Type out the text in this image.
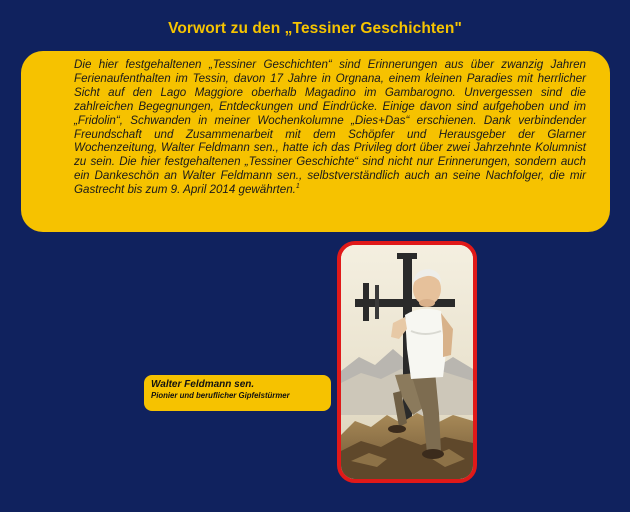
Vorwort zu den „Tessiner Geschichten"

Die hier festgehaltenen „Tessiner Geschichten“ sind Erinnerungen aus über zwanzig Jahren Ferienaufenthalten im Tessin, davon 17 Jahre in Orgnana, einem kleinen Paradies mit herrlicher Sicht auf den Lago Maggiore oberhalb Magadino im Gambarogno. Unvergessen sind die zahlreichen Begegnungen, Entdeckungen und Eindrücke. Einige davon sind aufgehoben und im „Fridolin“, Schwanden in meiner Wochenkolumne „Dies+Das“ erschienen. Dank verbindender Freundschaft und Zusammenarbeit mit dem Schöpfer und Herausgeber der Glarner Wochenzeitung, Walter Feldmann sen., hatte ich das Privileg dort über zwei Jahrzehnte Kolumnist zu sein. Die hier festgehaltenen „Tessiner Geschichte“ sind nicht nur Erinnerungen, sondern auch ein Dankeschön an Walter Feldmann sen., selbstverständlich auch an seine Nachfolger, die mir Gastrecht bis zum 9. April 2014 gewährten.$^1$

Walter Feldmann sen.
Pionier und beruflicher Gipfelstürmer
